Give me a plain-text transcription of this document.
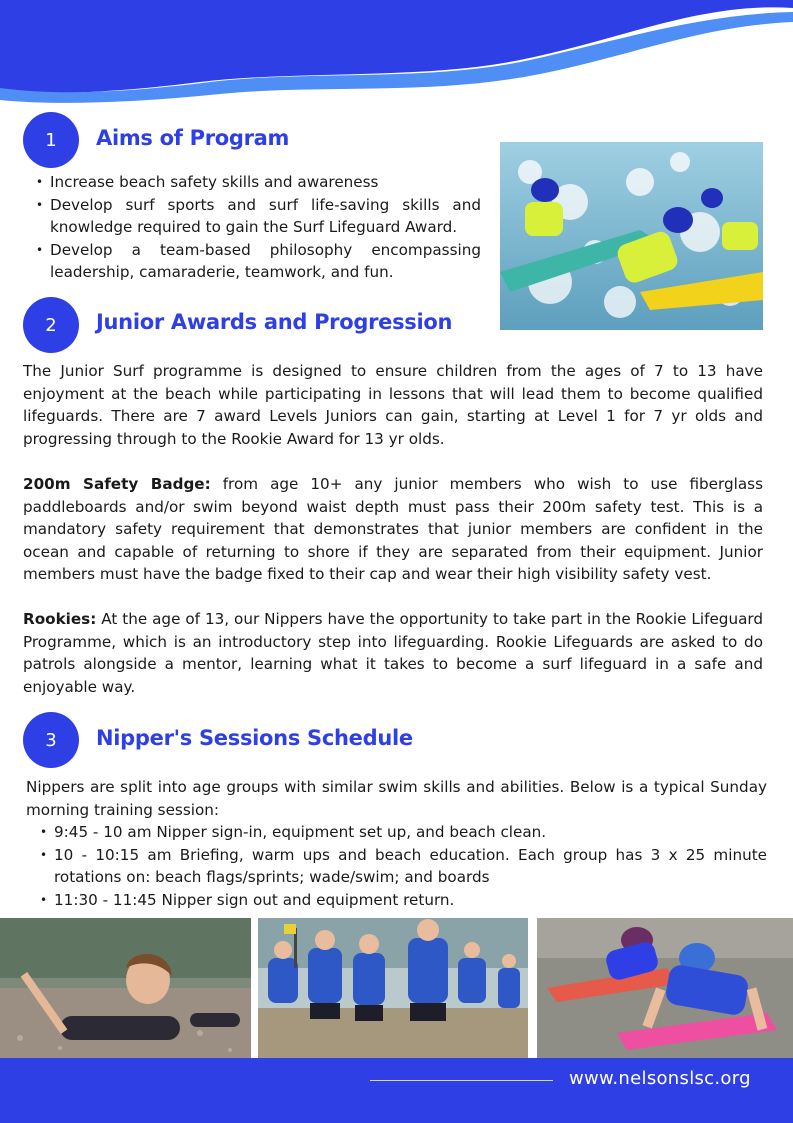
1	Aims of Program
• Increase beach safety skills and awareness
• Develop surf sports and surf life-saving skills and knowledge required to gain the Surf Lifeguard Award.
• Develop a team-based philosophy encompassing leadership, camaraderie, teamwork, and fun.
2	Junior Awards and Progression

The Junior Surf programme is designed to ensure children from the ages of 7 to 13 have enjoyment at the beach while participating in lessons that will lead them to become qualified lifeguards. There are 7 award Levels Juniors can gain, starting at Level 1 for 7 yr olds and progressing through to the Rookie Award for 13 yr olds.

200m Safety Badge: from age 10+ any junior members who wish to use fiberglass paddleboards and/or swim beyond waist depth must pass their 200m safety test. This is a mandatory safety requirement that demonstrates that junior members are confident in the ocean and capable of returning to shore if they are separated from their equipment. Junior members must have the badge fixed to their cap and wear their high visibility safety vest.

Rookies: At the age of 13, our Nippers have the opportunity to take part in the Rookie Lifeguard Programme, which is an introductory step into lifeguarding. Rookie Lifeguards are asked to do patrols alongside a mentor, learning what it takes to become a surf lifeguard in a safe and enjoyable way.

3	Nipper's Sessions Schedule

Nippers are split into age groups with similar swim skills and abilities. Below is a typical Sunday morning training session:

• 9:45 - 10 am Nipper sign-in, equipment set up, and beach clean.
• 10 - 10:15 am Briefing, warm ups and beach education. Each group has 3 x 25 minute rotations on: beach flags/sprints; wade/swim; and boards
• 11:30 - 11:45 Nipper sign out and equipment return.
www.nelsonslsc.org
